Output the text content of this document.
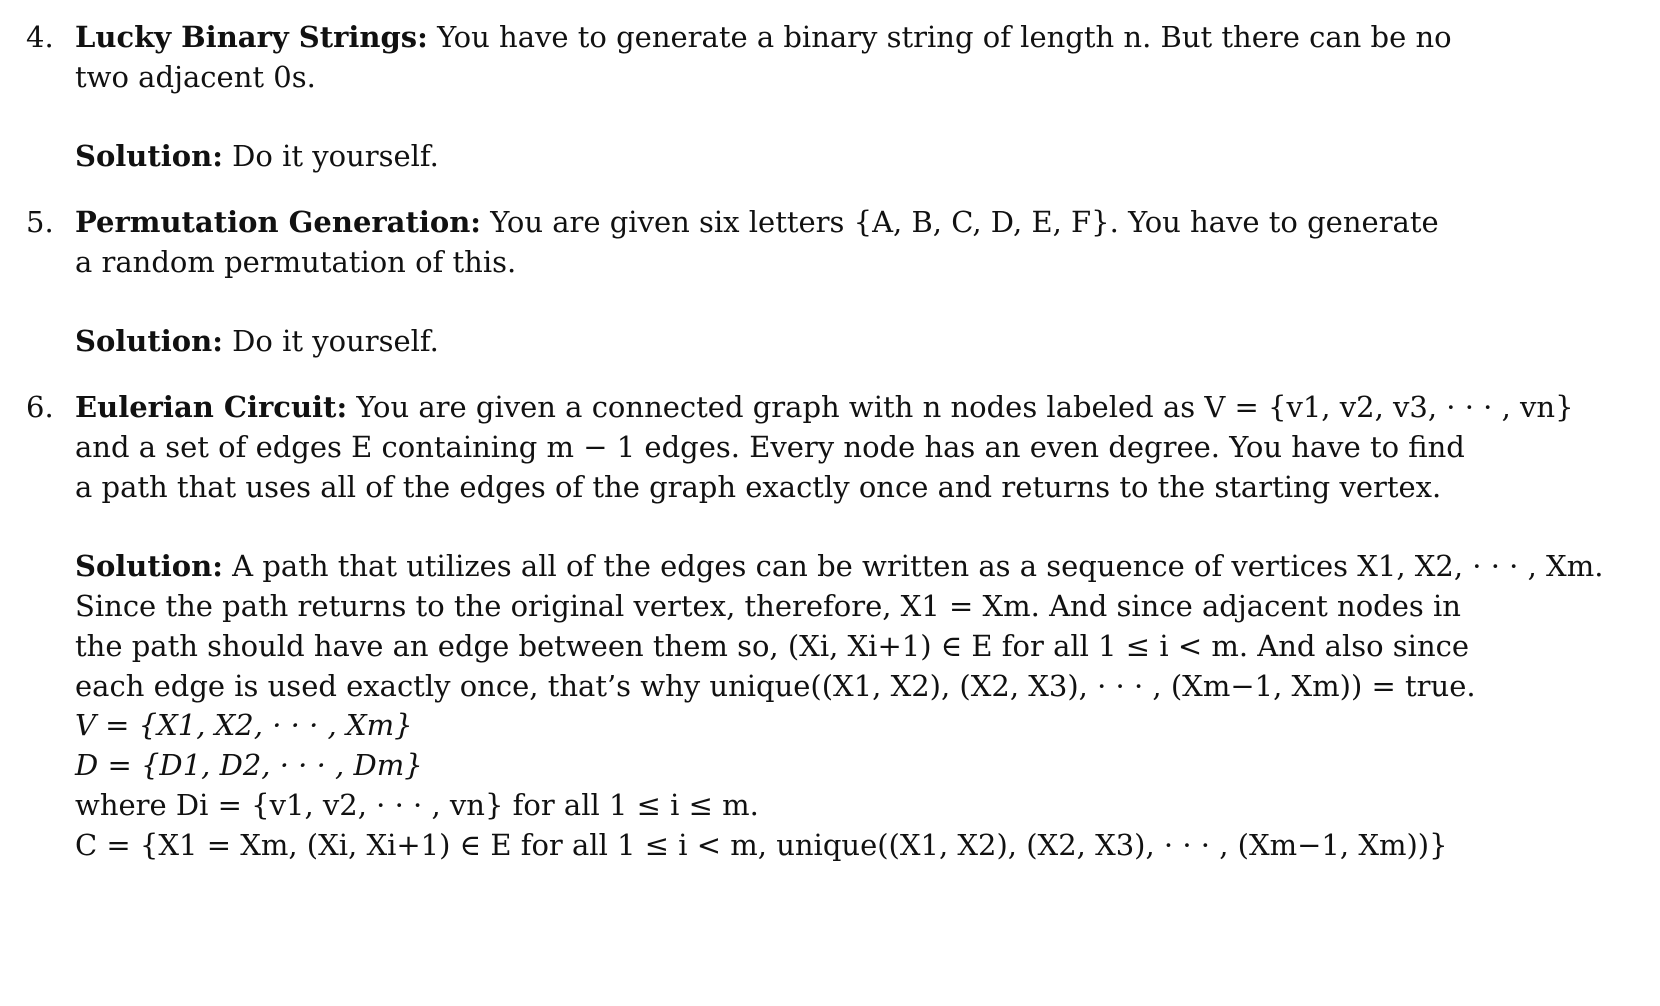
4. Lucky Binary Strings: You have to generate a binary string of length n. But there can be no
two adjacent 0s.
Solution: Do it yourself.
5. Permutation Generation: You are given six letters {A, B, C, D, E, F}. You have to generate
a random permutation of this.
Solution: Do it yourself.
6. Eulerian Circuit: You are given a connected graph with n nodes labeled as V = {v1, v2, v3, · · · , vn}
and a set of edges E containing m − 1 edges. Every node has an even degree. You have to find
a path that uses all of the edges of the graph exactly once and returns to the starting vertex.
Solution: A path that utilizes all of the edges can be written as a sequence of vertices X1, X2, · · · , Xm.
Since the path returns to the original vertex, therefore, X1 = Xm. And since adjacent nodes in
the path should have an edge between them so, (Xi, Xi+1) ∈ E for all 1 ≤ i < m. And also since
each edge is used exactly once, that’s why unique((X1, X2), (X2, X3), · · · , (Xm−1, Xm)) = true.
V = {X1, X2, · · · , Xm}
D = {D1, D2, · · · , Dm}
where Di = {v1, v2, · · · , vn} for all 1 ≤ i ≤ m.
C = {X1 = Xm, (Xi, Xi+1) ∈ E for all 1 ≤ i < m, unique((X1, X2), (X2, X3), · · · , (Xm−1, Xm))}
